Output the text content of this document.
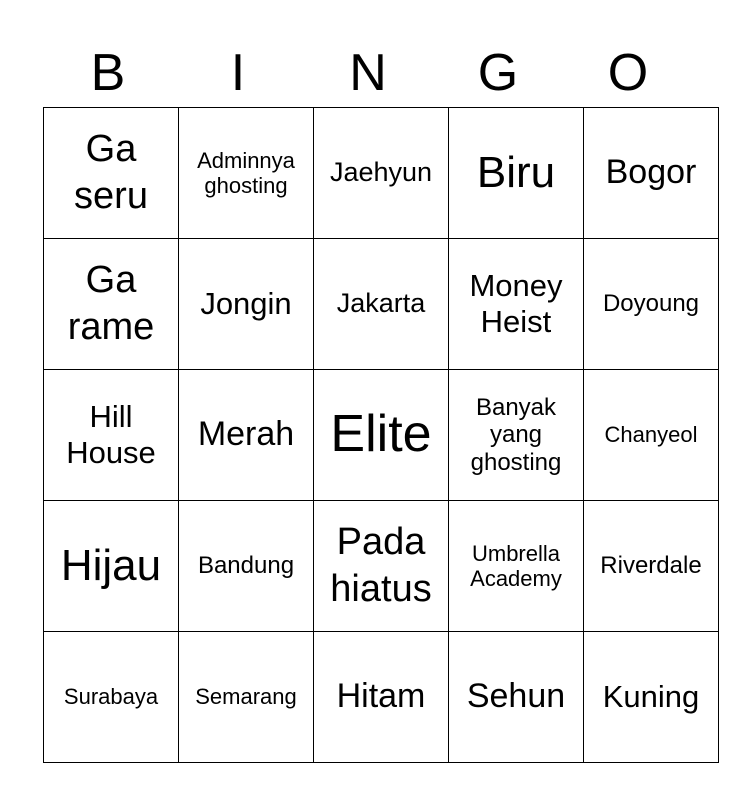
B	I	N	G	O
Ga seru	Adminnya ghosting	Jaehyun	Biru	Bogor
Ga rame	Jongin	Jakarta	Money Heist	Doyoung
Hill House	Merah	Elite	Banyak yang ghosting	Chanyeol
Hijau	Bandung	Pada hiatus	Umbrella Academy	Riverdale
Surabaya	Semarang	Hitam	Sehun	Kuning
